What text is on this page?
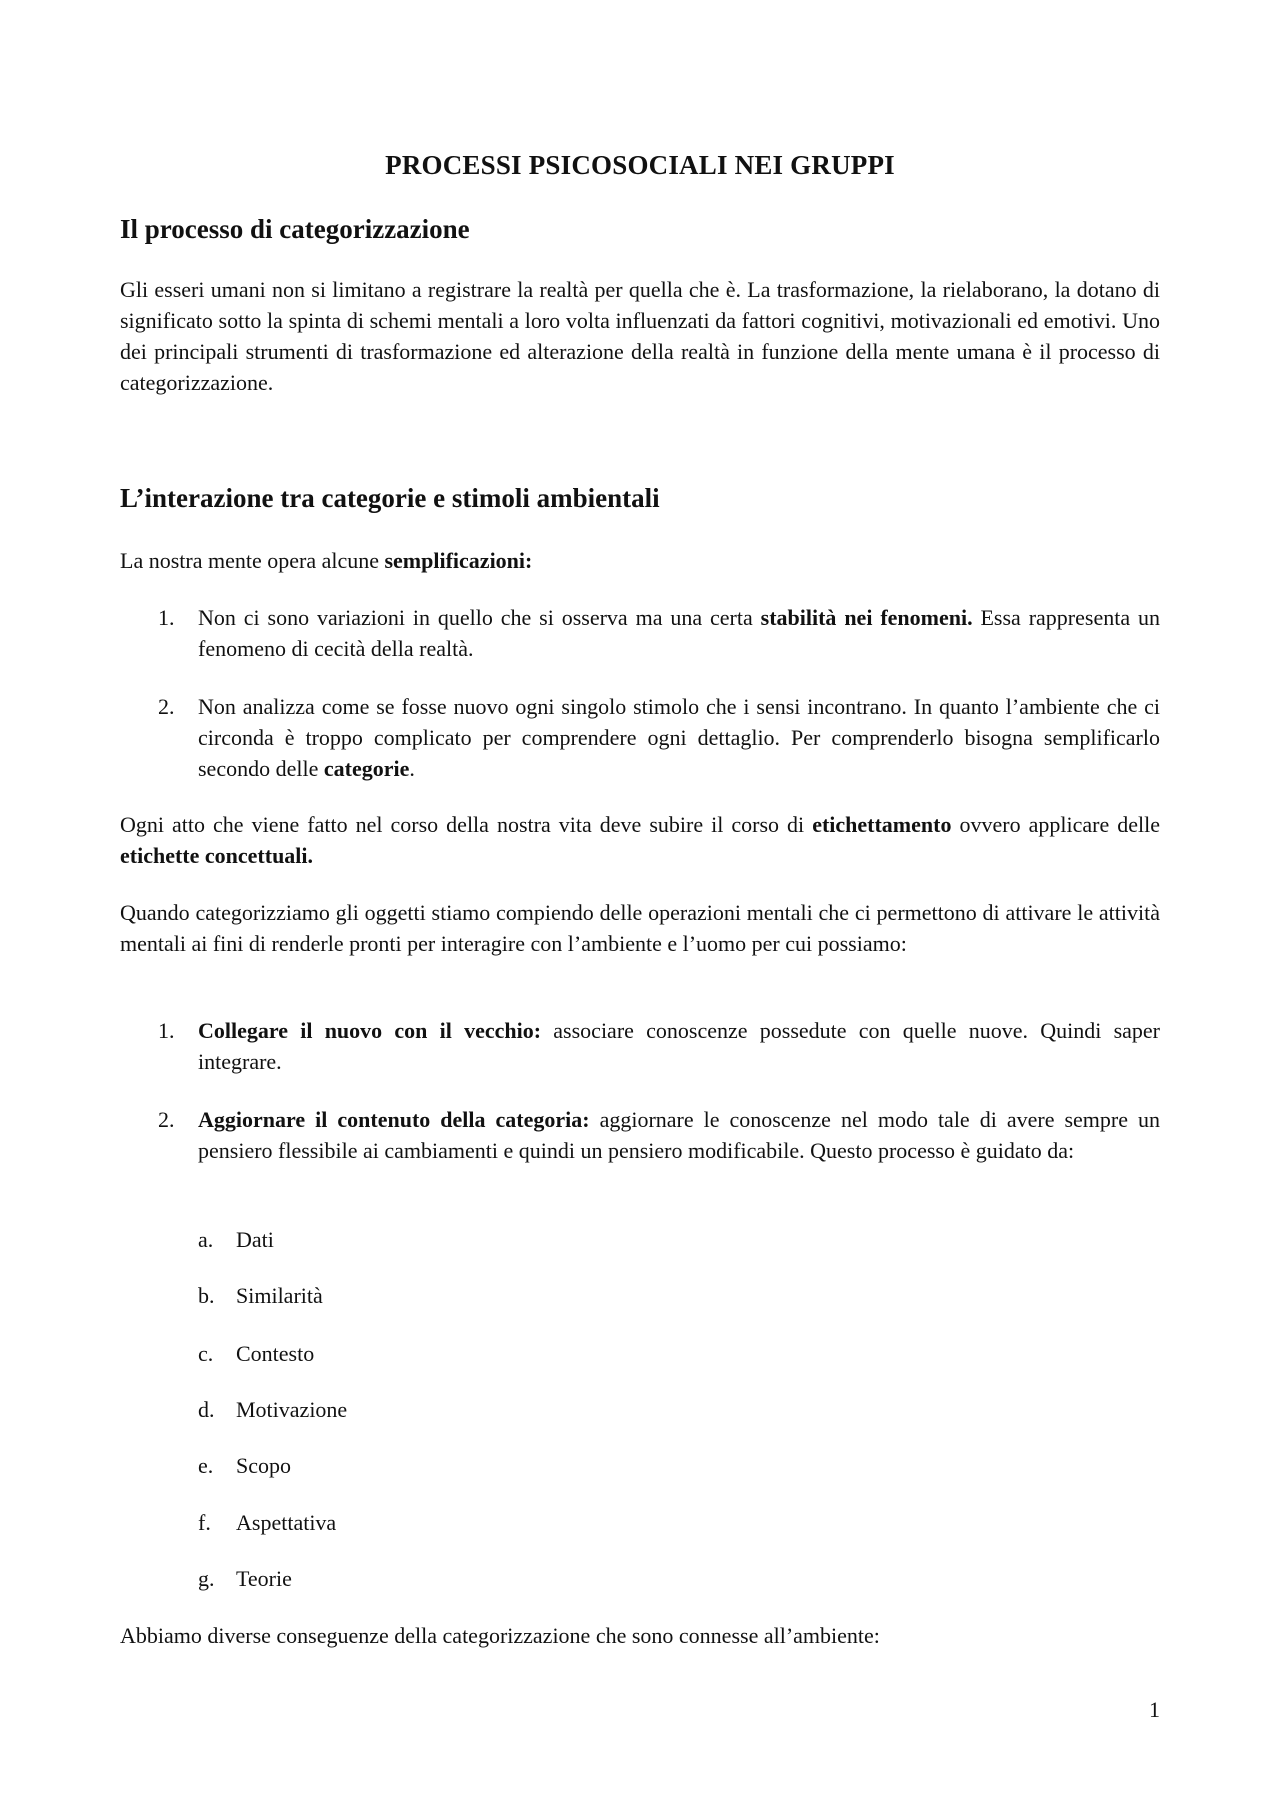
PROCESSI PSICOSOCIALI NEI GRUPPI
Il processo di categorizzazione

Gli esseri umani non si limitano a registrare la realtà per quella che è. La trasformazione, la rielaborano, la dotano di significato sotto la spinta di schemi mentali a loro volta influenzati da fattori cognitivi, motivazionali ed emotivi. Uno dei principali strumenti di trasformazione ed alterazione della realtà in funzione della mente umana è il processo di categorizzazione.

L’interazione tra categorie e stimoli ambientali

La nostra mente opera alcune semplificazioni:

1.	Non ci sono variazioni in quello che si osserva ma una certa stabilità nei fenomeni. Essa rappresenta un fenomeno di cecità della realtà.

2.	Non analizza come se fosse nuovo ogni singolo stimolo che i sensi incontrano. In quanto l’ambiente che ci circonda è troppo complicato per comprendere ogni dettaglio. Per comprenderlo bisogna semplificarlo secondo delle categorie.

Ogni atto che viene fatto nel corso della nostra vita deve subire il corso di etichettamento ovvero applicare delle etichette concettuali.

Quando categorizziamo gli oggetti stiamo compiendo delle operazioni mentali che ci permettono di attivare le attività mentali ai fini di renderle pronti per interagire con l’ambiente e l’uomo per cui possiamo:

1.	Collegare il nuovo con il vecchio: associare conoscenze possedute con quelle nuove. Quindi saper integrare.

2.	Aggiornare il contenuto della categoria: aggiornare le conoscenze nel modo tale di avere sempre un pensiero flessibile ai cambiamenti e quindi un pensiero modificabile. Questo processo è guidato da:

a.	Dati
b. Similarità
c.	Contesto
d. Motivazione
e.	Scopo
f.	Aspettativa
g. Teorie

Abbiamo diverse conseguenze della categorizzazione che sono connesse all’ambiente:

1
